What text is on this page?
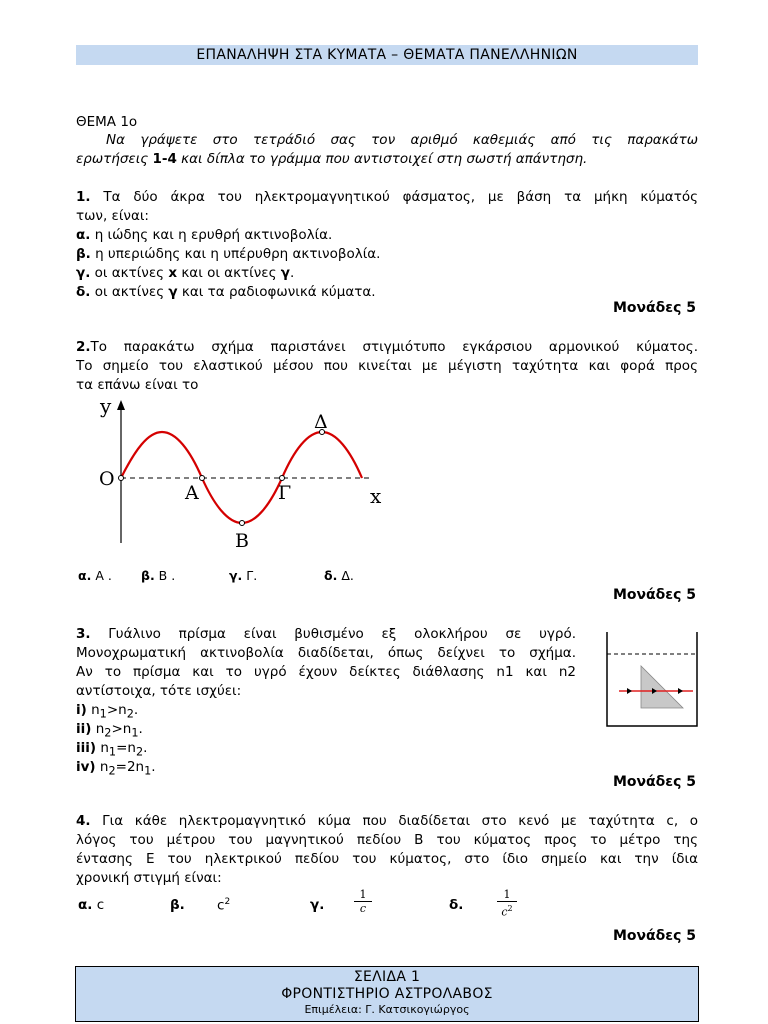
ΕΠΑΝΑΛΗΨΗ ΣΤΑ ΚΥΜΑΤΑ – ΘΕΜΑΤΑ ΠΑΝΕΛΛΗΝΙΩΝ
ΘΕΜΑ 1ο
Να γράψετε στο τετράδιό σας τον αριθμό καθεμιάς από τις παρακάτω
ερωτήσεις 1-4 και δίπλα το γράμμα που αντιστοιχεί στη σωστή απάντηση.
1. Τα δύο άκρα του ηλεκτρομαγνητικού φάσματος, με βάση τα μήκη κύματός
των, είναι:
α. η ιώδης και η ερυθρή ακτινοβολία.
β. η υπεριώδης και η υπέρυθρη ακτινοβολία.
γ. οι ακτίνες x και οι ακτίνες γ.
δ. οι ακτίνες γ και τα ραδιοφωνικά κύματα.
Μονάδες 5
2.Το παρακάτω σχήμα παριστάνει στιγμιότυπο εγκάρσιου αρμονικού κύματος.
Το σημείο του ελαστικού μέσου που κινείται με μέγιστη ταχύτητα και φορά προς
τα επάνω είναι το
y
O
A
B
Γ
Δ
x
α. A . β. B .	γ. Γ.	δ. Δ.
Μονάδες 5
3. Γυάλινο πρίσμα είναι βυθισμένο εξ ολοκλήρου σε υγρό.
Μονοχρωματική ακτινοβολία διαδίδεται, όπως δείχνει το σχήμα.
Αν το πρίσμα και το υγρό έχουν δείκτες διάθλασης n1 και n2
αντίστοιχα, τότε ισχύει:
i) $n_1>n_2$.
ii) $n_2>n_1$.
iii) $n_1=n_2$.
iv) $n_2=2n_1$.
Μονάδες 5
4. Για κάθε ηλεκτρομαγνητικό κύμα που διαδίδεται στο κενό με ταχύτητα c, ο
λόγος του μέτρου του μαγνητικού πεδίου Β του κύματος προς το μέτρο της
έντασης Ε του ηλεκτρικού πεδίου του κύματος, στο ίδιο σημείο και την ίδια
χρονική στιγμή είναι:
α. c	β. $c^2$	γ.	$\frac{1}{c}$	δ.	$\frac{1}{c^2}$
Μονάδες 5
ΣΕΛΙΔΑ 1
ΦΡΟΝΤΙΣΤΗΡΙΟ ΑΣΤΡΟΛΑΒΟΣ
Επιμέλεια: Γ. Κατσικογιώργος
